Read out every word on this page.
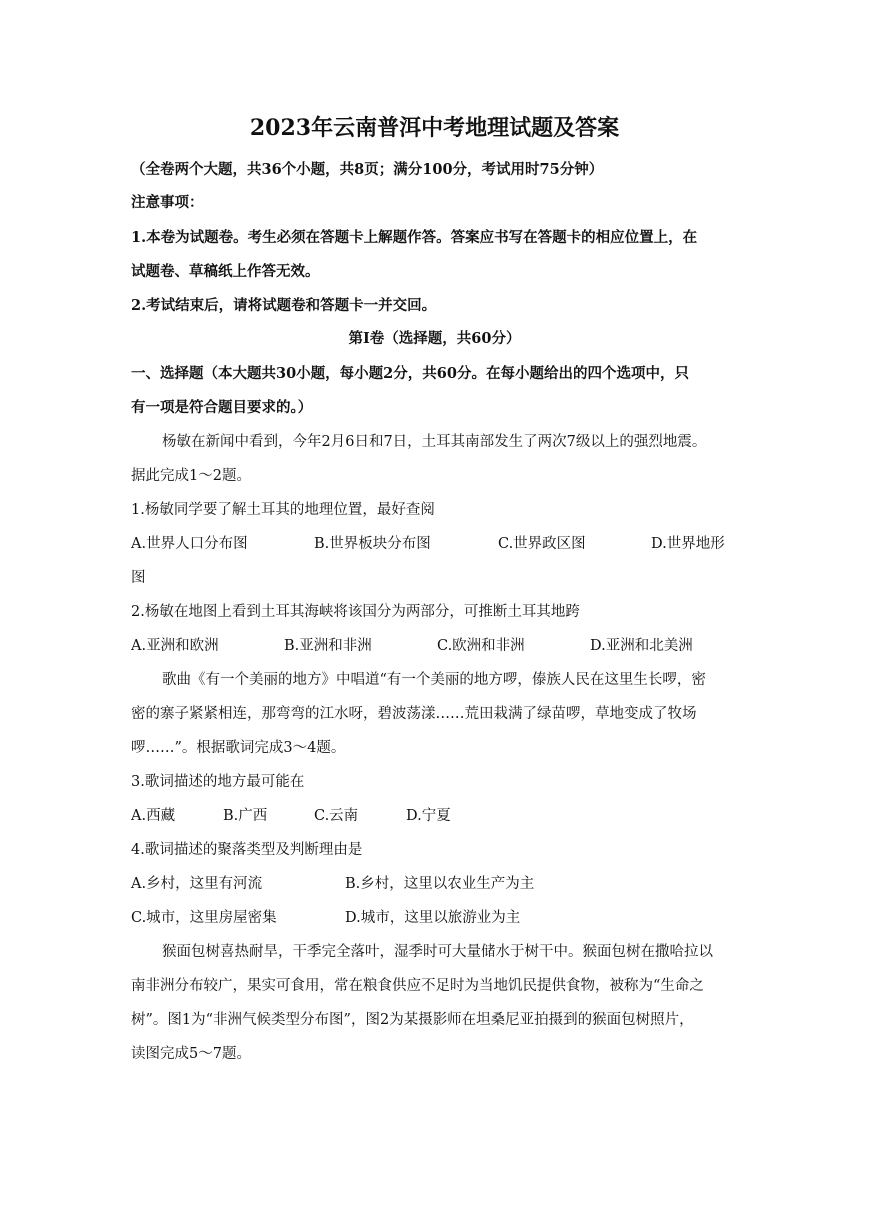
2023年云南普洱中考地理试题及答案
（全卷两个大题，共36个小题，共8页；满分100分，考试用时75分钟）
注意事项：
1.本卷为试题卷。考生必须在答题卡上解题作答。答案应书写在答题卡的相应位置上，在
试题卷、草稿纸上作答无效。
2.考试结束后，请将试题卷和答题卡一并交回。
第Ⅰ卷（选择题，共60分）
一、选择题（本大题共30小题，每小题2分，共60分。在每小题给出的四个选项中，只
有一项是符合题目要求的。）
杨敏在新闻中看到，今年2月6日和7日，土耳其南部发生了两次7级以上的强烈地震。
据此完成1～2题。
1.杨敏同学要了解土耳其的地理位置，最好查阅
A.世界人口分布图	B.世界板块分布图	C.世界政区图	D.世界地形
图
2.杨敏在地图上看到土耳其海峡将该国分为两部分，可推断土耳其地跨
A.亚洲和欧洲	B.亚洲和非洲	C.欧洲和非洲	D.亚洲和北美洲
歌曲《有一个美丽的地方》中唱道“有一个美丽的地方啰，傣族人民在这里生长啰，密
密的寨子紧紧相连，那弯弯的江水呀，碧波荡漾……荒田栽满了绿苗啰，草地变成了牧场
啰……”。根据歌词完成3～4题。
3.歌词描述的地方最可能在
A.西藏	B.广西	C.云南	D.宁夏
4.歌词描述的聚落类型及判断理由是
A.乡村，这里有河流	B.乡村，这里以农业生产为主
C.城市，这里房屋密集	D.城市，这里以旅游业为主
猴面包树喜热耐旱，干季完全落叶，湿季时可大量储水于树干中。猴面包树在撒哈拉以
南非洲分布较广，果实可食用，常在粮食供应不足时为当地饥民提供食物，被称为“生命之
树”。图1为“非洲气候类型分布图”，图2为某摄影师在坦桑尼亚拍摄到的猴面包树照片，
读图完成5～7题。
